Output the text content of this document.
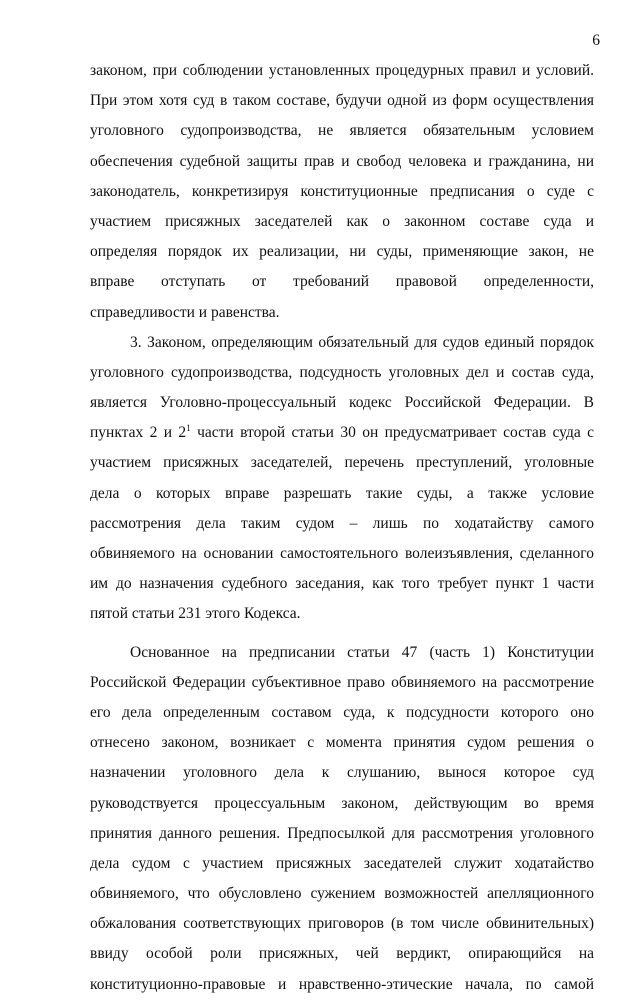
6
законом, при соблюдении установленных процедурных правил и условий.
При этом хотя суд в таком составе, будучи одной из форм осуществления
уголовного судопроизводства, не является обязательным условием
обеспечения судебной защиты прав и свобод человека и гражданина, ни
законодатель, конкретизируя конституционные предписания о суде с
участием присяжных заседателей как о законном составе суда и
определяя порядок их реализации, ни суды, применяющие закон, не
вправе отступать от требований правовой определенности,
справедливости и равенства.
3. Законом, определяющим обязательный для судов единый порядок
уголовного судопроизводства, подсудность уголовных дел и состав суда,
является Уголовно-процессуальный кодекс Российской Федерации. В
пунктах 2 и $2^1$ части второй статьи 30 он предусматривает состав суда с
участием присяжных заседателей, перечень преступлений, уголовные
дела о которых вправе разрешать такие суды, а также условие
рассмотрения дела таким судом – лишь по ходатайству самого
обвиняемого на основании самостоятельного волеизъявления, сделанного
им до назначения судебного заседания, как того требует пункт 1 части
пятой статьи 231 этого Кодекса.
Основанное на предписании статьи 47 (часть 1) Конституции
Российской Федерации субъективное право обвиняемого на рассмотрение
его дела определенным составом суда, к подсудности которого оно
отнесено законом, возникает с момента принятия судом решения о
назначении уголовного дела к слушанию, вынося которое суд
руководствуется процессуальным законом, действующим во время
принятия данного решения. Предпосылкой для рассмотрения уголовного
дела судом с участием присяжных заседателей служит ходатайство
обвиняемого, что обусловлено сужением возможностей апелляционного
обжалования соответствующих приговоров (в том числе обвинительных)
ввиду особой роли присяжных, чей вердикт, опирающийся на
конституционно-правовые и нравственно-этические начала, по самой
